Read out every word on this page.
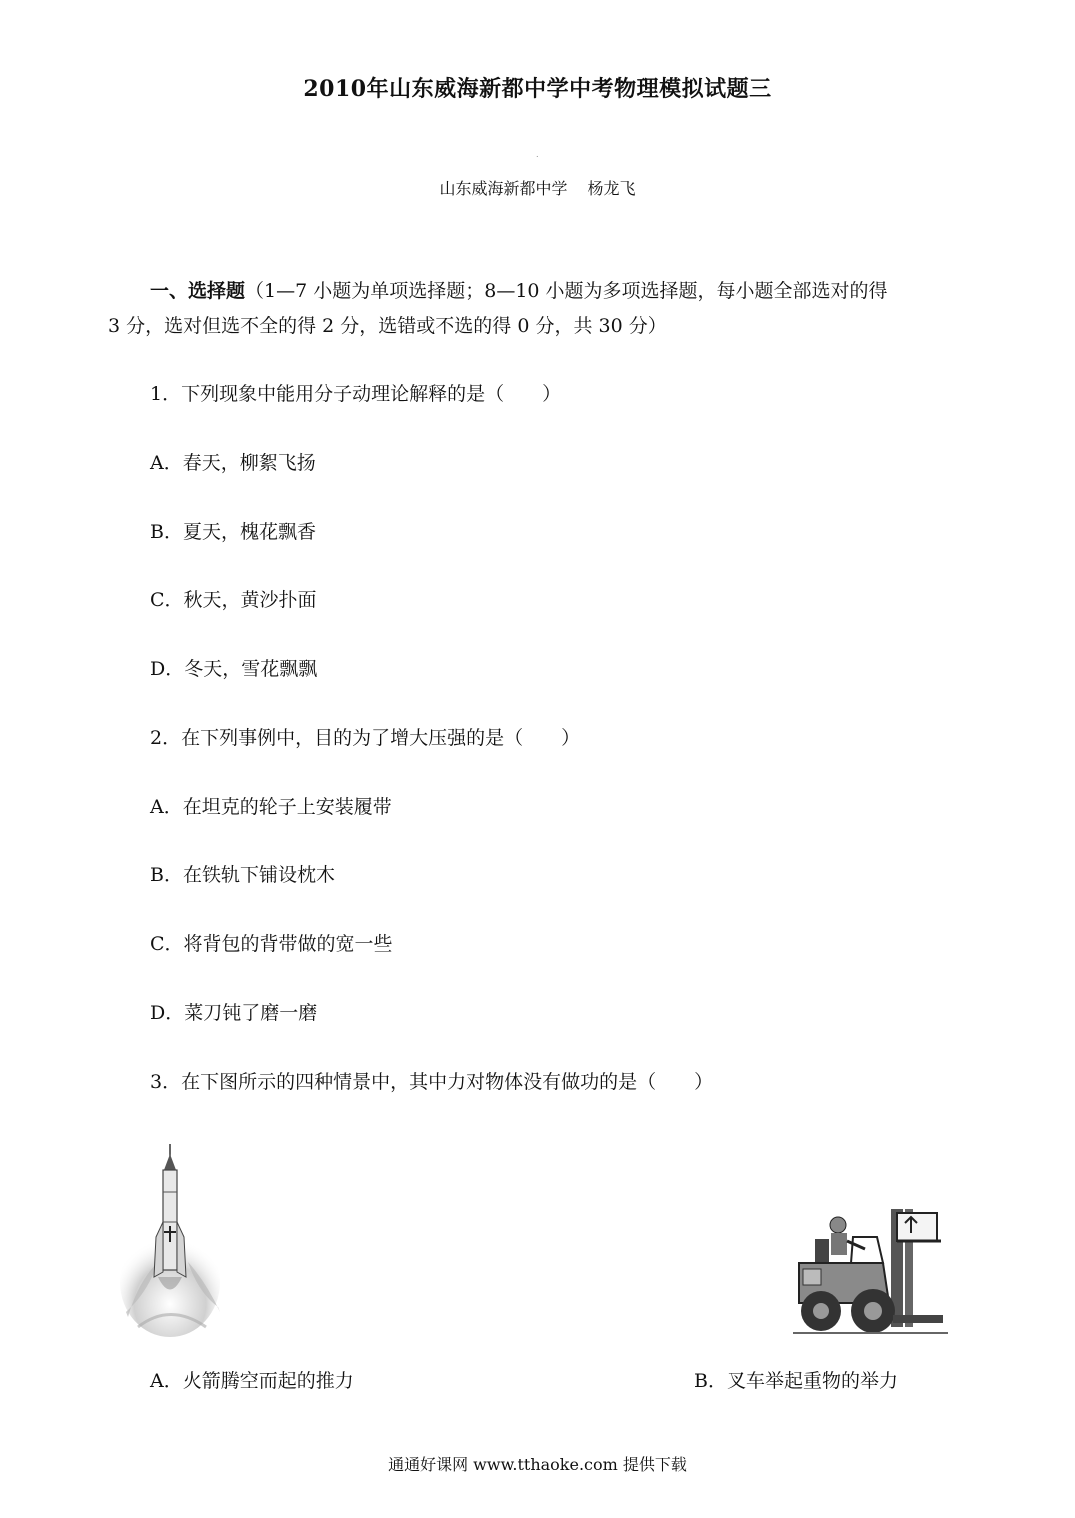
2010年山东威海新都中学中考物理模拟试题三
.
山东威海新都中学 杨龙飞
一、选择题（1—7 小题为单项选择题；8—10 小题为多项选择题，每小题全部选对的得
3 分，选对但选不全的得 2 分，选错或不选的得 0 分，共 30 分）
1．下列现象中能用分子动理论解释的是（　　）
A．春天，柳絮飞扬
B．夏天，槐花飘香
C．秋天，黄沙扑面
D．冬天，雪花飘飘
2．在下列事例中，目的为了增大压强的是（　　）
A．在坦克的轮子上安装履带
B．在铁轨下铺设枕木
C．将背包的背带做的宽一些
D．菜刀钝了磨一磨
3．在下图所示的四种情景中，其中力对物体没有做功的是（　　）
A．火箭腾空而起的推力	B．叉车举起重物的举力
通通好课网 www.tthaoke.com 提供下载
